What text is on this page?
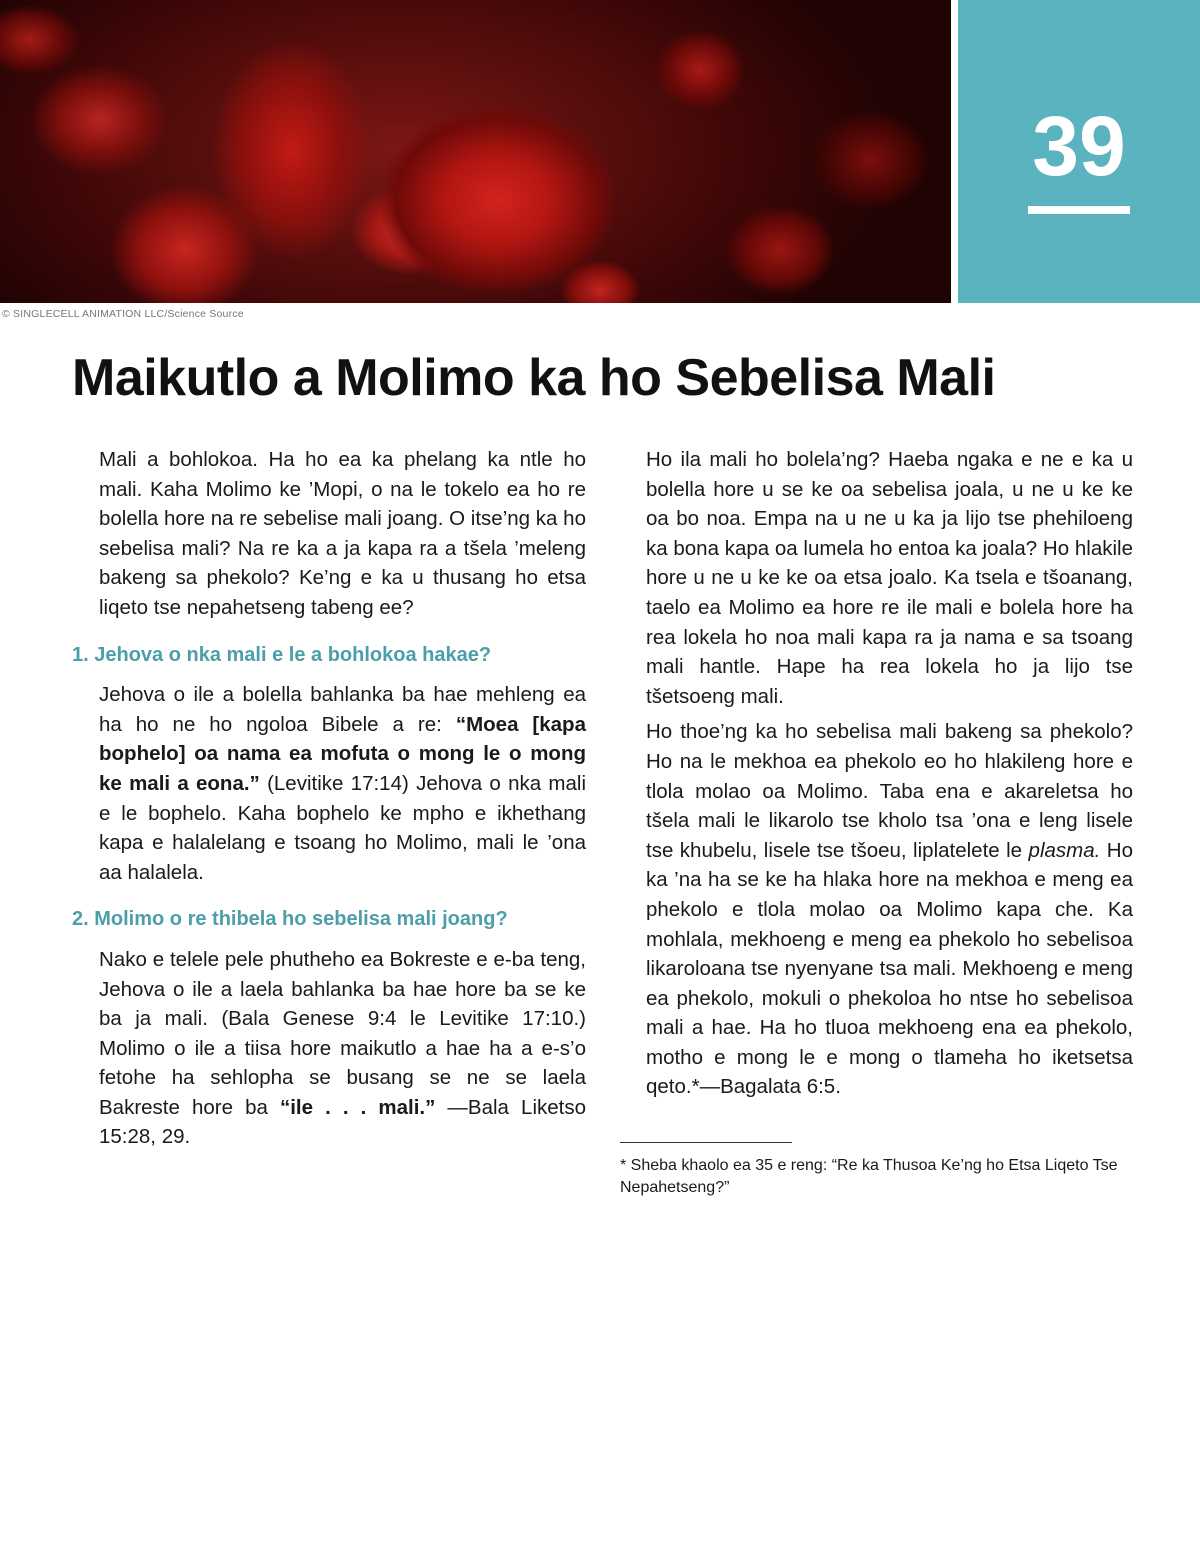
39
© SINGLECELL ANIMATION LLC/Science Source
Maikutlo a Molimo ka ho Sebelisa Mali

Mali a bohlokoa. Ha ho ea ka phelang ka ntle ho mali. Kaha Molimo ke ’Mopi, o na le tokelo ea ho re bolella hore na re sebelise mali joang. O itse’ng ka ho sebelisa mali? Na re ka a ja kapa ra a tšela ’meleng bakeng sa phekolo? Ke’ng e ka u thusang ho etsa liqeto tse nepahetseng tabeng ee?

1. Jehova o nka mali e le a bohlokoa hakae?

Jehova o ile a bolella bahlanka ba hae mehleng ea ha ho ne ho ngoloa Bibele a re: “Moea [kapa bophelo] oa nama ea mofuta o mong le o mong ke mali a eona.” (Levitike 17:14) Jehova o nka mali e le bophelo. Kaha bophelo ke mpho e ikhethang kapa e halalelang e tsoang ho Molimo, mali le ’ona aa halalela.

2. Molimo o re thibela ho sebelisa mali joang?

Nako e telele pele phutheho ea Bokreste e e-ba teng, Jehova o ile a laela bahlanka ba hae hore ba se ke ba ja mali. (Bala Genese 9:4 le Levitike 17:10.) Molimo o ile a tiisa hore maikutlo a hae ha a e-s’o fetohe ha sehlopha se busang se ne se laela Bakreste hore ba “ile . . . mali.” —Bala Liketso 15:28, 29.

Ho ila mali ho bolela’ng? Haeba ngaka e ne e ka u bolella hore u se ke oa sebelisa joala, u ne u ke ke oa bo noa. Empa na u ne u ka ja lijo tse phehiloeng ka bona kapa oa lumela ho entoa ka joala? Ho hlakile hore u ne u ke ke oa etsa joalo. Ka tsela e tšoanang, taelo ea Molimo ea hore re ile mali e bolela hore ha rea lokela ho noa mali kapa ra ja nama e sa tsoang mali hantle. Hape ha rea lokela ho ja lijo tse tšetsoeng mali.

Ho thoe’ng ka ho sebelisa mali bakeng sa phekolo? Ho na le mekhoa ea phekolo eo ho hlakileng hore e tlola molao oa Molimo. Taba ena e akareletsa ho tšela mali le likarolo tse kholo tsa ’ona e leng lisele tse khubelu, lisele tse tšoeu, liplatelete le plasma. Ho ka ’na ha se ke ha hlaka hore na mekhoa e meng ea phekolo e tlola molao oa Molimo kapa che. Ka mohlala, mekhoeng e meng ea phekolo ho sebelisoa likaroloana tse nyenyane tsa mali. Mekhoeng e meng ea phekolo, mokuli o phekoloa ho ntse ho sebelisoa mali a hae. Ha ho tluoa mekhoeng ena ea phekolo, motho e mong le e mong o tlameha ho iketsetsa qeto.*—Bagalata 6:5.

* Sheba khaolo ea 35 e reng: “Re ka Thusoa Ke’ng ho Etsa Liqeto Tse Nepahetseng?”
